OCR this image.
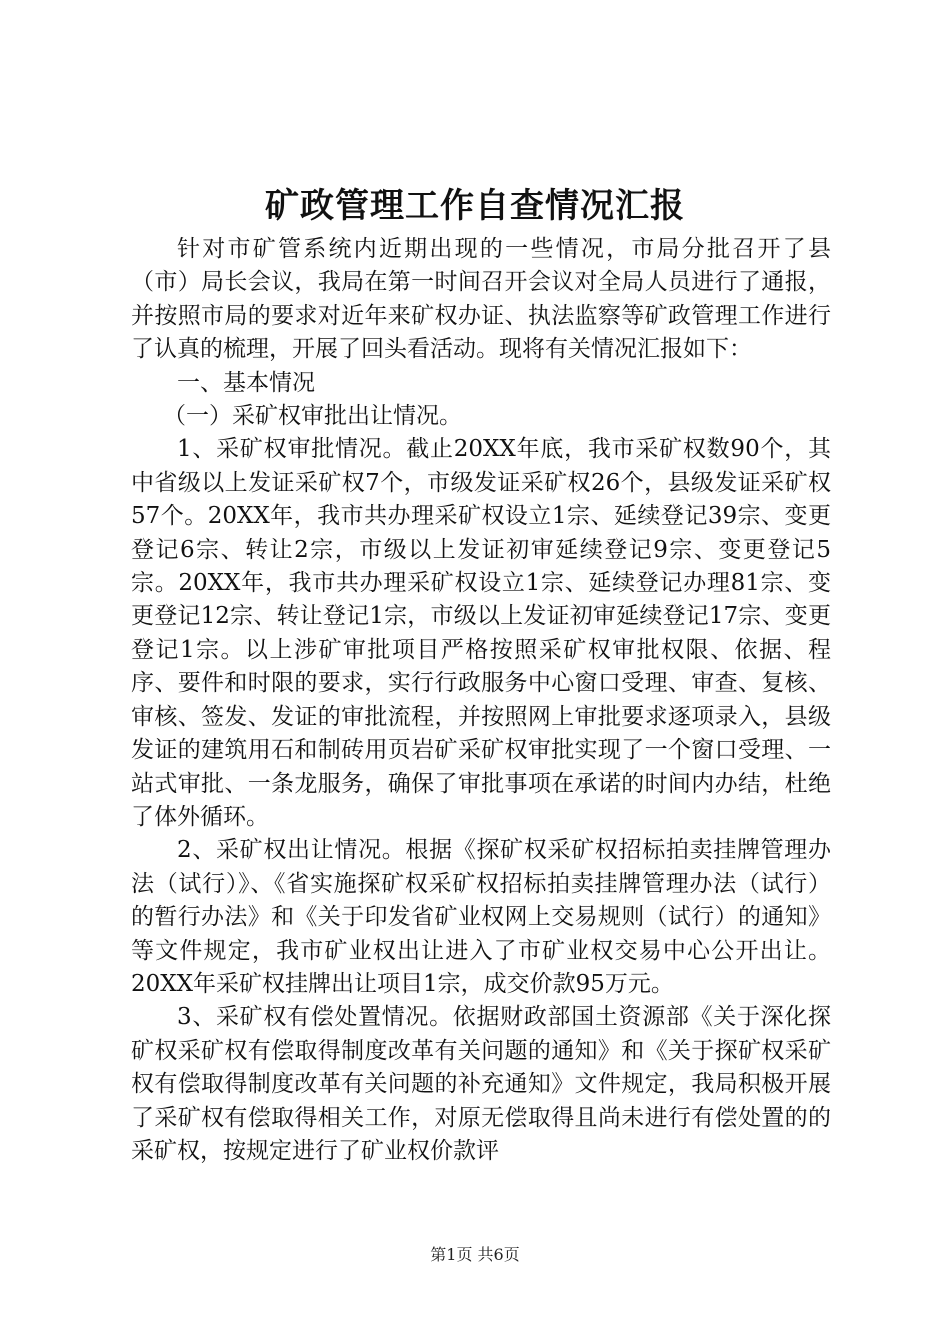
矿政管理工作自查情况汇报

针对市矿管系统内近期出现的一些情况，市局分批召开了县（市）局长会议，我局在第一时间召开会议对全局人员进行了通报，并按照市局的要求对近年来矿权办证、执法监察等矿政管理工作进行了认真的梳理，开展了回头看活动。现将有关情况汇报如下：

一、基本情况

（一）采矿权审批出让情况。

1、采矿权审批情况。截止20XX年底，我市采矿权数90个，其中省级以上发证采矿权7个，市级发证采矿权26个，县级发证采矿权57个。20XX年，我市共办理采矿权设立1宗、延续登记39宗、变更登记6宗、转让2宗，市级以上发证初审延续登记9宗、变更登记5宗。20XX年，我市共办理采矿权设立1宗、延续登记办理81宗、变更登记12宗、转让登记1宗，市级以上发证初审延续登记17宗、变更登记1宗。以上涉矿审批项目严格按照采矿权审批权限、依据、程序、要件和时限的要求，实行行政服务中心窗口受理、审查、复核、审核、签发、发证的审批流程，并按照网上审批要求逐项录入，县级发证的建筑用石和制砖用页岩矿采矿权审批实现了一个窗口受理、一站式审批、一条龙服务，确保了审批事项在承诺的时间内办结，杜绝了体外循环。

2、采矿权出让情况。根据《探矿权采矿权招标拍卖挂牌管理办法（试行）》、《省实施探矿权采矿权招标拍卖挂牌管理办法（试行）的暂行办法》和《关于印发省矿业权网上交易规则（试行）的通知》等文件规定，我市矿业权出让进入了市矿业权交易中心公开出让。20XX年采矿权挂牌出让项目1宗，成交价款95万元。

3、采矿权有偿处置情况。依据财政部国土资源部《关于深化探矿权采矿权有偿取得制度改革有关问题的通知》和《关于探矿权采矿权有偿取得制度改革有关问题的补充通知》文件规定，我局积极开展了采矿权有偿取得相关工作，对原无偿取得且尚未进行有偿处置的的采矿权，按规定进行了矿业权价款评

第1页 共6页
